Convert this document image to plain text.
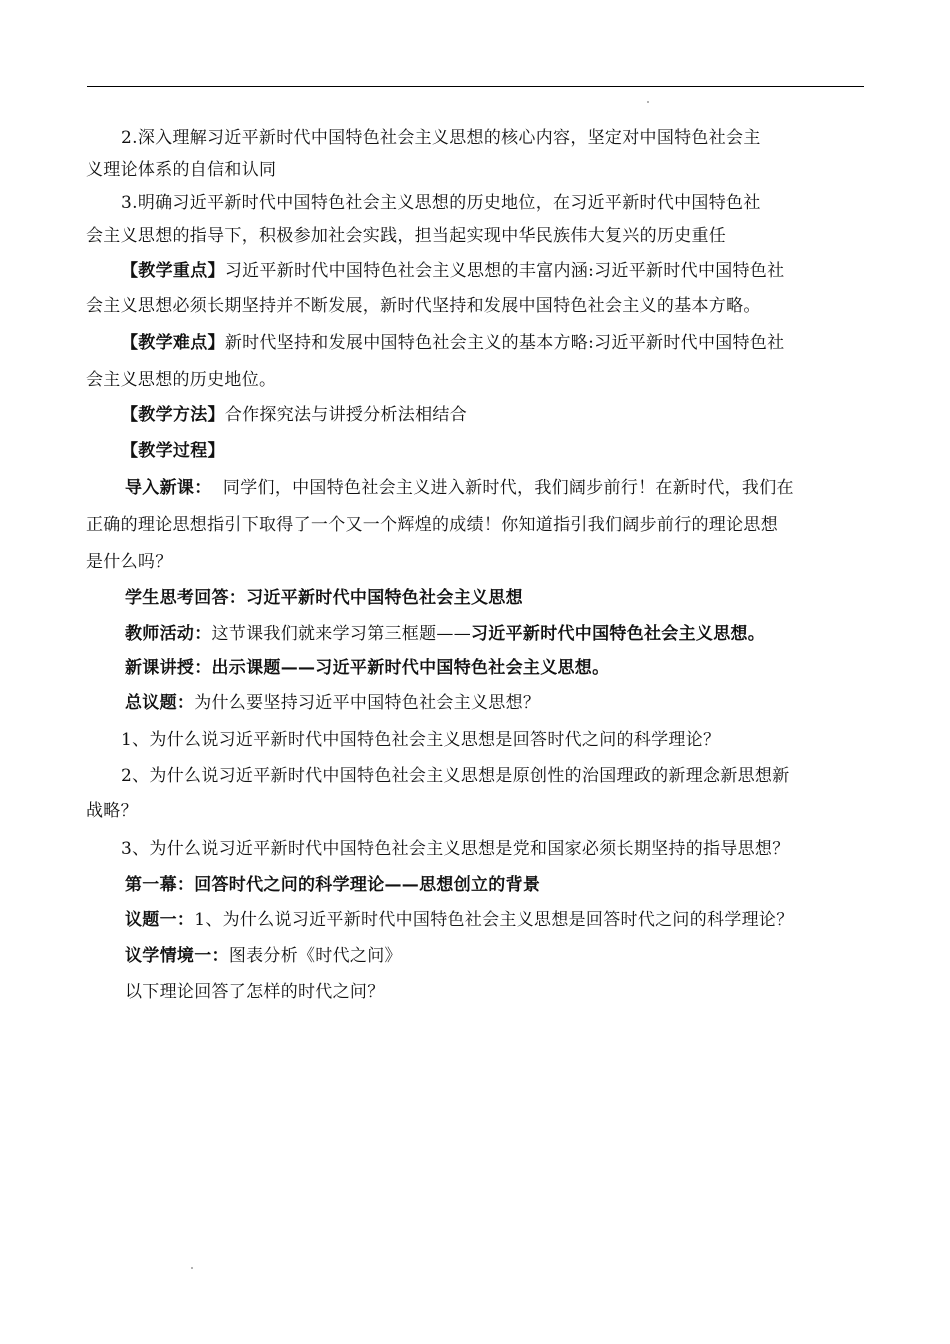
2.深入理解习近平新时代中国特色社会主义思想的核心内容，坚定对中国特色社会主
义理论体系的自信和认同
3.明确习近平新时代中国特色社会主义思想的历史地位，在习近平新时代中国特色社
会主义思想的指导下，积极参加社会实践，担当起实现中华民族伟大复兴的历史重任
【教学重点】习近平新时代中国特色社会主义思想的丰富内涵:习近平新时代中国特色社
会主义思想必须长期坚持并不断发展，新时代坚持和发展中国特色社会主义的基本方略。
【教学难点】新时代坚持和发展中国特色社会主义的基本方略:习近平新时代中国特色社
会主义思想的历史地位。
【教学方法】合作探究法与讲授分析法相结合
【教学过程】
导入新课： 同学们，中国特色社会主义进入新时代，我们阔步前行！在新时代，我们在
正确的理论思想指引下取得了一个又一个辉煌的成绩！你知道指引我们阔步前行的理论思想
是什么吗？
学生思考回答：习近平新时代中国特色社会主义思想
教师活动：这节课我们就来学习第三框题——习近平新时代中国特色社会主义思想。
新课讲授：出示课题——习近平新时代中国特色社会主义思想。
总议题：为什么要坚持习近平中国特色社会主义思想？
1、为什么说习近平新时代中国特色社会主义思想是回答时代之问的科学理论？
2、为什么说习近平新时代中国特色社会主义思想是原创性的治国理政的新理念新思想新
战略？
3、为什么说习近平新时代中国特色社会主义思想是党和国家必须长期坚持的指导思想？
第一幕：回答时代之问的科学理论——思想创立的背景
议题一：1、为什么说习近平新时代中国特色社会主义思想是回答时代之问的科学理论？
议学情境一：图表分析《时代之问》
以下理论回答了怎样的时代之问？
